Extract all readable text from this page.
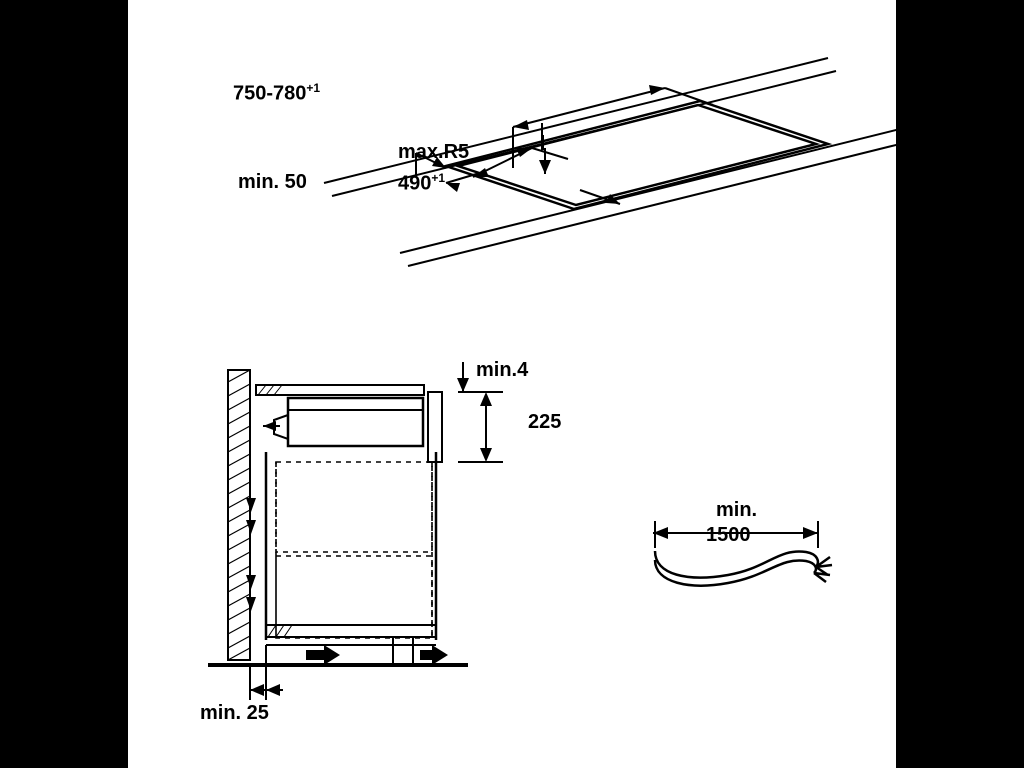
$750-780^{+1}$
max.R5
min. 50	$490^{+1}$
min.4
225
min. 25
min.
1500
